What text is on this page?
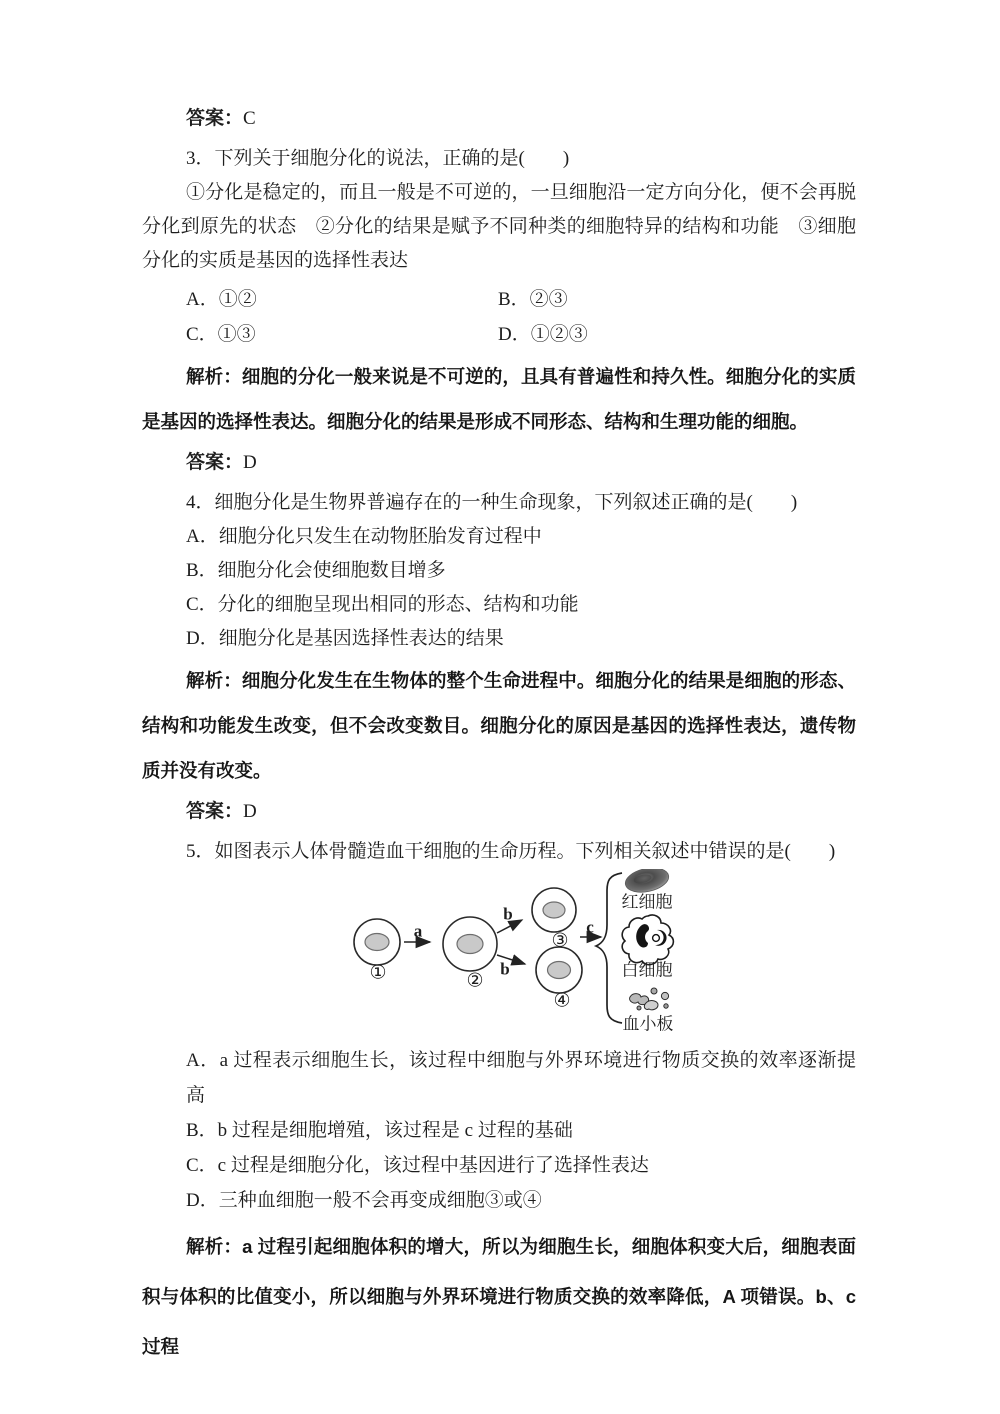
答案：C

3．下列关于细胞分化的说法，正确的是(　　)

①分化是稳定的，而且一般是不可逆的，一旦细胞沿一定方向分化，便不会再脱分化到原先的状态　②分化的结果是赋予不同种类的细胞特异的结构和功能　③细胞分化的实质是基因的选择性表达

A．①②	B．②③

C．①③	D．①②③

解析：细胞的分化一般来说是不可逆的，且具有普遍性和持久性。细胞分化的实质是基因的选择性表达。细胞分化的结果是形成不同形态、结构和生理功能的细胞。

答案：D

4．细胞分化是生物界普遍存在的一种生命现象，下列叙述正确的是(　　)

A．细胞分化只发生在动物胚胎发育过程中

B．细胞分化会使细胞数目增多

C．分化的细胞呈现出相同的形态、结构和功能

D．细胞分化是基因选择性表达的结果

解析：细胞分化发生在生物体的整个生命进程中。细胞分化的结果是细胞的形态、结构和功能发生改变，但不会改变数目。细胞分化的原因是基因的选择性表达，遗传物质并没有改变。

答案：D

5．如图表示人体骨髓造血干细胞的生命历程。下列相关叙述中错误的是(　　)

a
b
b
c
①	②
③
④
红细胞
白细胞
血小板

A．a 过程表示细胞生长，该过程中细胞与外界环境进行物质交换的效率逐渐提高

B．b 过程是细胞增殖，该过程是 c 过程的基础

C．c 过程是细胞分化，该过程中基因进行了选择性表达

D．三种血细胞一般不会再变成细胞③或④

解析：a 过程引起细胞体积的增大，所以为细胞生长，细胞体积变大后，细胞表面积与体积的比值变小，所以细胞与外界环境进行物质交换的效率降低，A 项错误。b、c 过程
